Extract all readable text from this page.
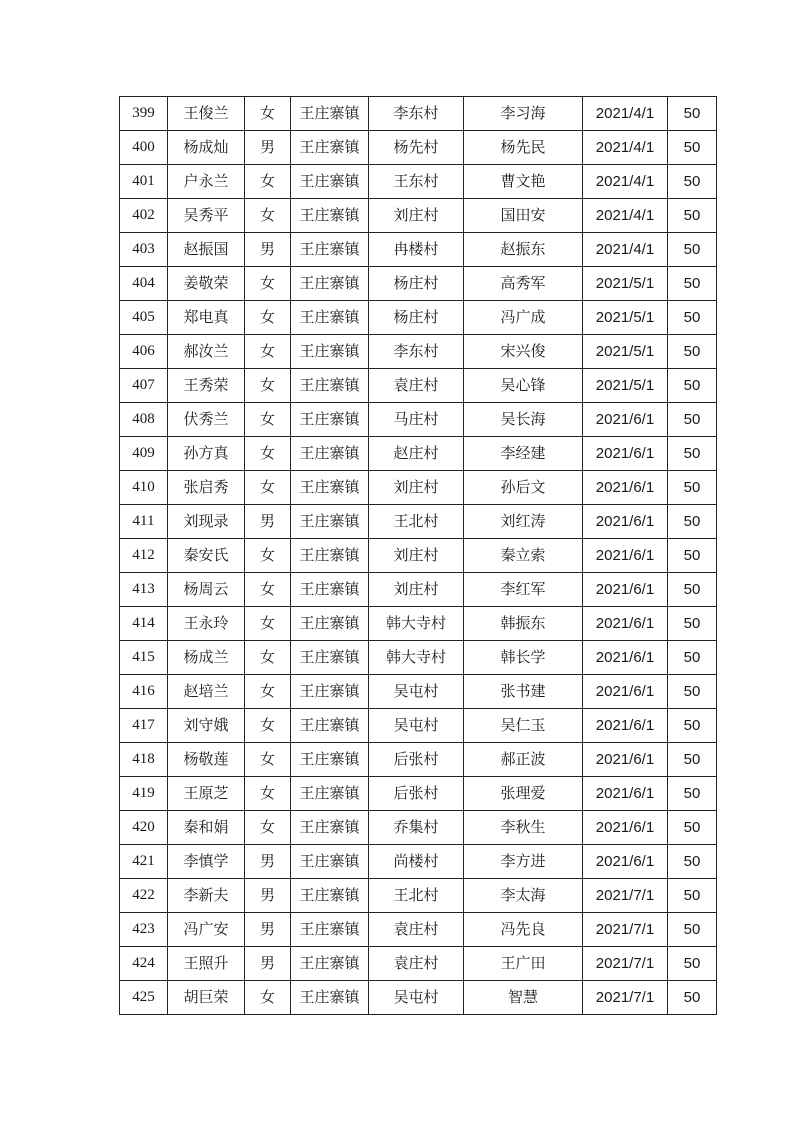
399	王俊兰	女	王庄寨镇	李东村	李习海	2021/4/1	50
400	杨成灿	男	王庄寨镇	杨先村	杨先民	2021/4/1	50
401	户永兰	女	王庄寨镇	王东村	曹文艳	2021/4/1	50
402	吴秀平	女	王庄寨镇	刘庄村	国田安	2021/4/1	50
403	赵振国	男	王庄寨镇	冉楼村	赵振东	2021/4/1	50
404	姜敬荣	女	王庄寨镇	杨庄村	高秀军	2021/5/1	50
405	郑电真	女	王庄寨镇	杨庄村	冯广成	2021/5/1	50
406	郝汝兰	女	王庄寨镇	李东村	宋兴俊	2021/5/1	50
407	王秀荣	女	王庄寨镇	袁庄村	吴心锋	2021/5/1	50
408	伏秀兰	女	王庄寨镇	马庄村	吴长海	2021/6/1	50
409	孙方真	女	王庄寨镇	赵庄村	李经建	2021/6/1	50
410	张启秀	女	王庄寨镇	刘庄村	孙后文	2021/6/1	50
411	刘现录	男	王庄寨镇	王北村	刘红涛	2021/6/1	50
412	秦安氏	女	王庄寨镇	刘庄村	秦立索	2021/6/1	50
413	杨周云	女	王庄寨镇	刘庄村	李红军	2021/6/1	50
414	王永玲	女	王庄寨镇	韩大寺村	韩振东	2021/6/1	50
415	杨成兰	女	王庄寨镇	韩大寺村	韩长学	2021/6/1	50
416	赵培兰	女	王庄寨镇	吴屯村	张书建	2021/6/1	50
417	刘守娥	女	王庄寨镇	吴屯村	吴仁玉	2021/6/1	50
418	杨敬莲	女	王庄寨镇	后张村	郝正波	2021/6/1	50
419	王原芝	女	王庄寨镇	后张村	张理爱	2021/6/1	50
420	秦和娟	女	王庄寨镇	乔集村	李秋生	2021/6/1	50
421	李慎学	男	王庄寨镇	尚楼村	李方进	2021/6/1	50
422	李新夫	男	王庄寨镇	王北村	李太海	2021/7/1	50
423	冯广安	男	王庄寨镇	袁庄村	冯先良	2021/7/1	50
424	王照升	男	王庄寨镇	袁庄村	王广田	2021/7/1	50
425	胡巨荣	女	王庄寨镇	吴屯村	智慧	2021/7/1	50
